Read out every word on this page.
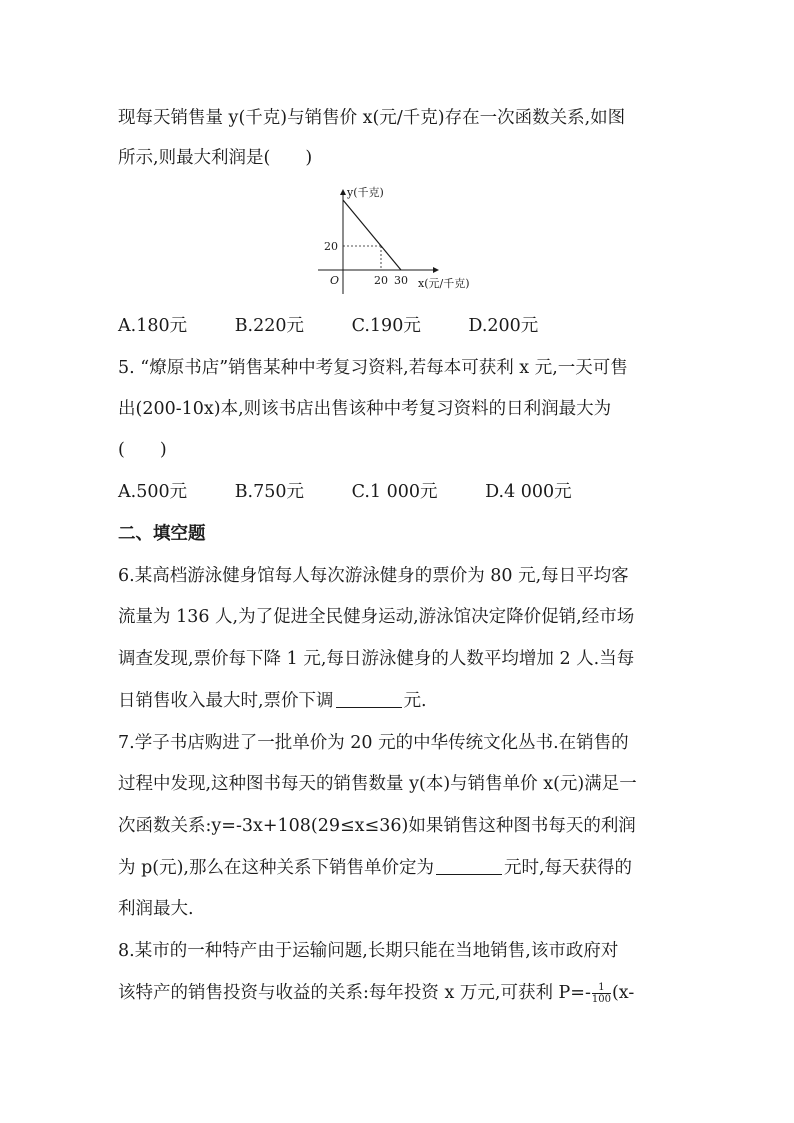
现每天销售量 y(千克)与销售价 x(元/千克)存在一次函数关系,如图
所示,则最大利润是(　　)
y(千克)
x(元/千克)
O
20
20 30
A.180元	B.220元	C.190元	D.200元
5. “燎原书店”销售某种中考复习资料,若每本可获利 x 元,一天可售
出(200-10x)本,则该书店出售该种中考复习资料的日利润最大为
(　　)
A.500元	B.750元	C.1 000元	D.4 000元
二、填空题
6.某高档游泳健身馆每人每次游泳健身的票价为 80 元,每日平均客
流量为 136 人,为了促进全民健身运动,游泳馆决定降价促销,经市场
调查发现,票价每下降 1 元,每日游泳健身的人数平均增加 2 人.当每
日销售收入最大时,票价下调	元.
7.学子书店购进了一批单价为 20 元的中华传统文化丛书.在销售的
过程中发现,这种图书每天的销售数量 y(本)与销售单价 x(元)满足一
次函数关系:y=-3x+108(29≤x≤36)如果销售这种图书每天的利润
为 p(元),那么在这种关系下销售单价定为	元时,每天获得的
利润最大.
8.某市的一种特产由于运输问题,长期只能在当地销售,该市政府对
该特产的销售投资与收益的关系:每年投资 x 万元,可获利 $P=- \frac{1}{100} (x-$
